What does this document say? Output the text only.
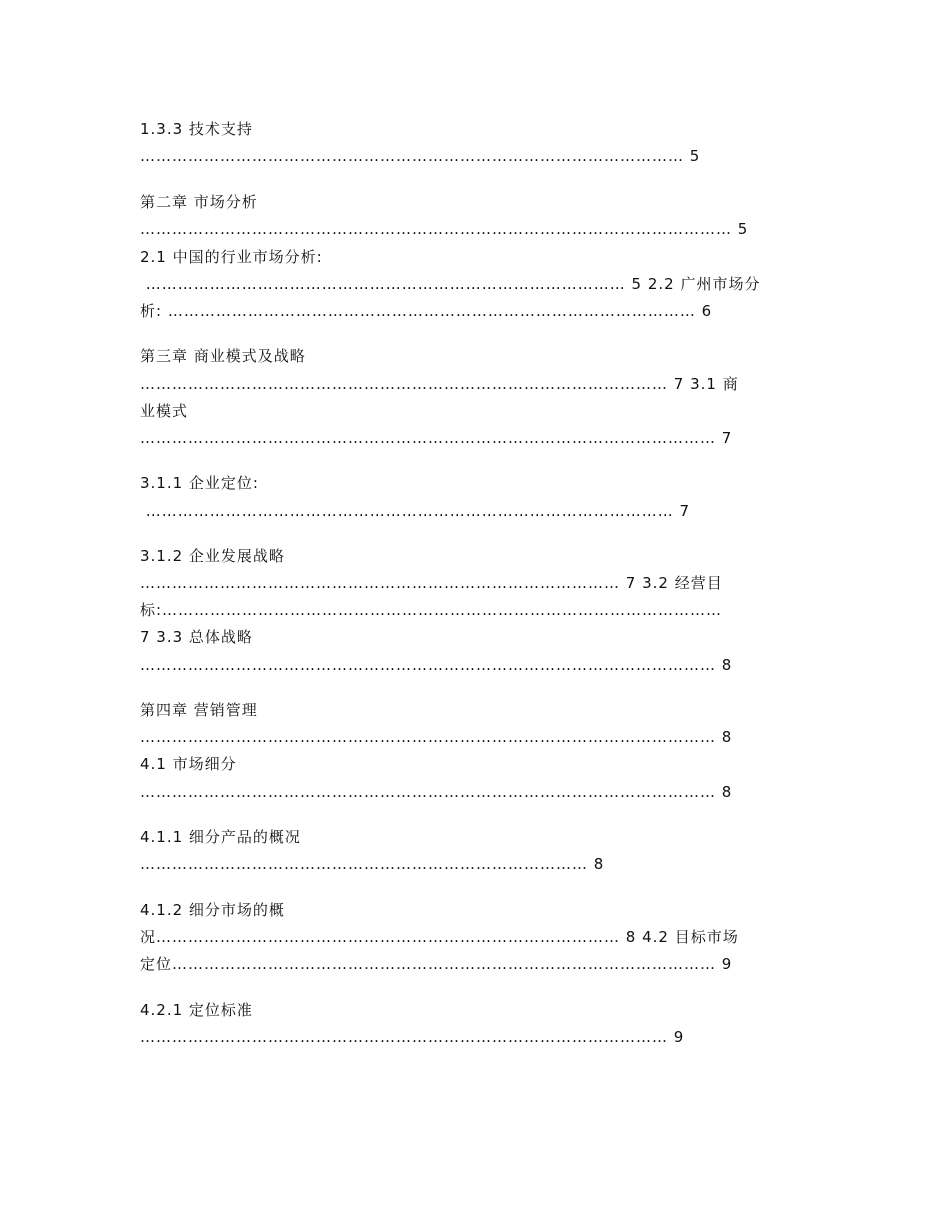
1.3.3 技术支持
………………………………………………………………………………………… 5
第二章 市场分析
………………………………………………………………………………………………… 5
2.1 中国的行业市场分析:
……………………………………………………………………………… 5 2.2 广州市场分
析: ……………………………………………………………………………………… 6
第三章 商业模式及战略
……………………………………………………………………………………… 7 3.1 商
业模式
……………………………………………………………………………………………… 7
3.1.1 企业定位:
……………………………………………………………………………………… 7
3.1.2 企业发展战略
……………………………………………………………………………… 7 3.2 经营目
标:……………………………………………………………………………………………
7 3.3 总体战略
……………………………………………………………………………………………… 8
第四章 营销管理
……………………………………………………………………………………………… 8
4.1 市场细分
……………………………………………………………………………………………… 8
4.1.1 细分产品的概况
………………………………………………………………………… 8
4.1.2 细分市场的概
况…………………………………………………………………………… 8 4.2 目标市场
定位………………………………………………………………………………………… 9
4.2.1 定位标准
……………………………………………………………………………………… 9
